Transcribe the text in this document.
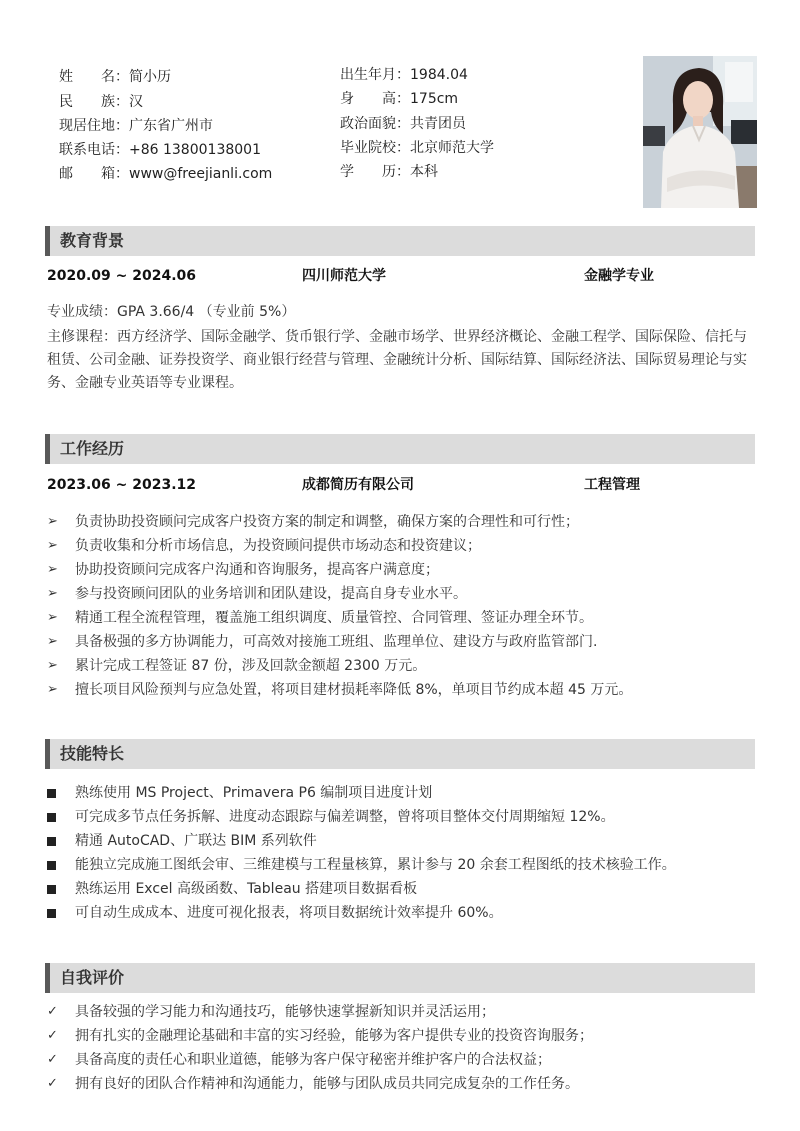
姓　　名：简小历
民　　族：汉
现居住地：广东省广州市
联系电话：+86 13800138001
邮　　箱：www@freejianli.com
出生年月：1984.04
身　　高：175cm
政治面貌：共青团员
毕业院校：北京师范大学
学　　历：本科
教育背景
2020.09 ~ 2024.06	四川师范大学	金融学专业
专业成绩：GPA 3.66/4 （专业前 5%）
主修课程：西方经济学、国际金融学、货币银行学、金融市场学、世界经济概论、金融工程学、国际保险、信托与租赁、公司金融、证券投资学、商业银行经营与管理、金融统计分析、国际结算、国际经济法、国际贸易理论与实务、金融专业英语等专业课程。
工作经历
2023.06 ~ 2023.12	成都简历有限公司	工程管理
➢	负责协助投资顾问完成客户投资方案的制定和调整，确保方案的合理性和可行性；
➢	负责收集和分析市场信息，为投资顾问提供市场动态和投资建议；
➢	协助投资顾问完成客户沟通和咨询服务，提高客户满意度；
➢	参与投资顾问团队的业务培训和团队建设，提高自身专业水平。
➢	精通工程全流程管理，覆盖施工组织调度、质量管控、合同管理、签证办理全环节。
➢	具备极强的多方协调能力，可高效对接施工班组、监理单位、建设方与政府监管部门.
➢	累计完成工程签证 87 份，涉及回款金额超 2300 万元。
➢	擅长项目风险预判与应急处置，将项目建材损耗率降低 8%，单项目节约成本超 45 万元。
技能特长
熟练使用 MS Project、Primavera P6 编制项目进度计划
可完成多节点任务拆解、进度动态跟踪与偏差调整，曾将项目整体交付周期缩短 12%。
精通 AutoCAD、广联达 BIM 系列软件
能独立完成施工图纸会审、三维建模与工程量核算，累计参与 20 余套工程图纸的技术核验工作。
熟练运用 Excel 高级函数、Tableau 搭建项目数据看板
可自动生成成本、进度可视化报表，将项目数据统计效率提升 60%。
自我评价
✓	具备较强的学习能力和沟通技巧，能够快速掌握新知识并灵活运用；
✓	拥有扎实的金融理论基础和丰富的实习经验，能够为客户提供专业的投资咨询服务；
✓	具备高度的责任心和职业道德，能够为客户保守秘密并维护客户的合法权益；
✓	拥有良好的团队合作精神和沟通能力，能够与团队成员共同完成复杂的工作任务。
